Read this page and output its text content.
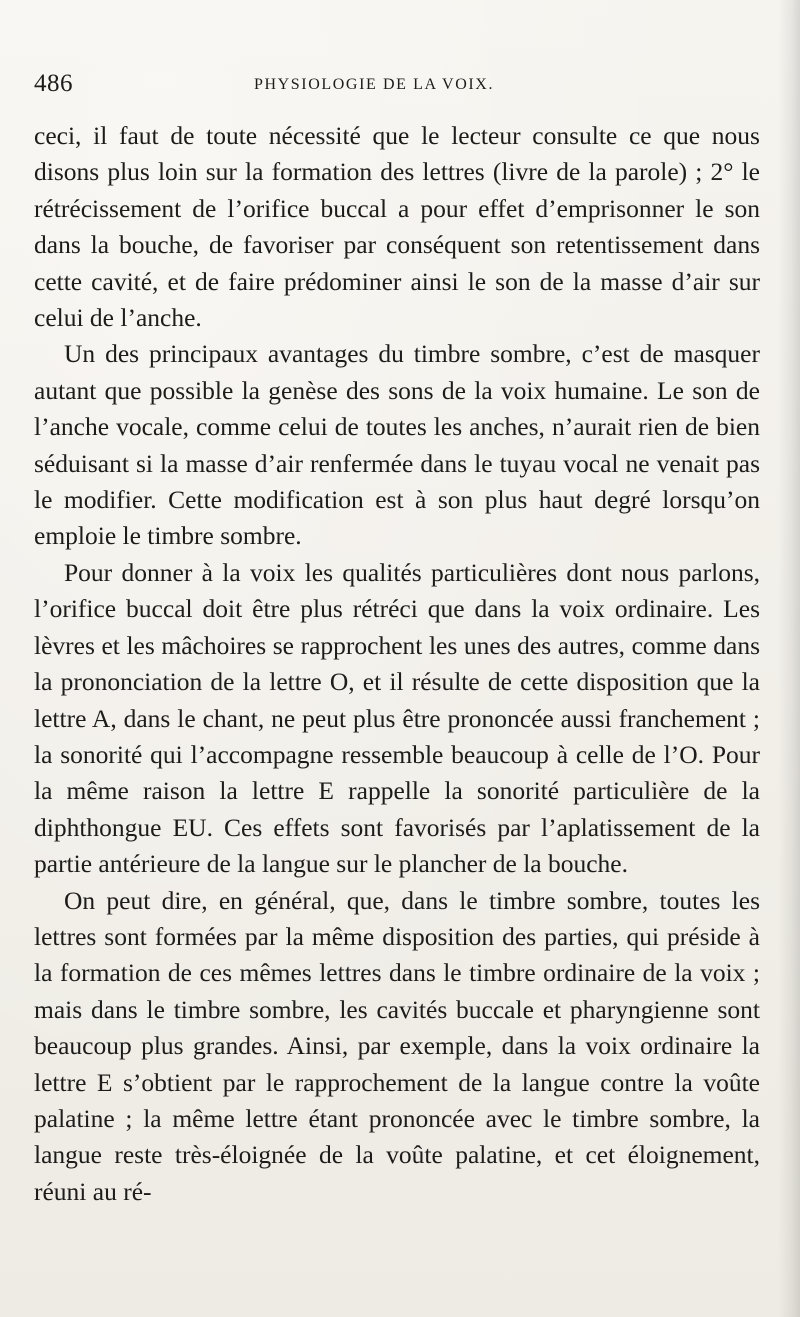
486	PHYSIOLOGIE DE LA VOIX.

ceci, il faut de toute nécessité que le lecteur consulte ce que nous disons plus loin sur la formation des lettres (livre de la parole) ; 2° le rétrécissement de l’orifice buccal a pour effet d’emprisonner le son dans la bouche, de favoriser par conséquent son retentissement dans cette cavité, et de faire prédominer ainsi le son de la masse d’air sur celui de l’anche.

Un des principaux avantages du timbre sombre, c’est de masquer autant que possible la genèse des sons de la voix humaine. Le son de l’anche vocale, comme celui de toutes les anches, n’aurait rien de bien séduisant si la masse d’air renfermée dans le tuyau vocal ne venait pas le modifier. Cette modification est à son plus haut degré lorsqu’on emploie le timbre sombre.

Pour donner à la voix les qualités particulières dont nous parlons, l’orifice buccal doit être plus rétréci que dans la voix ordinaire. Les lèvres et les mâchoires se rapprochent les unes des autres, comme dans la prononciation de la lettre O, et il résulte de cette disposition que la lettre A, dans le chant, ne peut plus être prononcée aussi franchement ; la sonorité qui l’accompagne ressemble beaucoup à celle de l’O. Pour la même raison la lettre E rappelle la sonorité particulière de la diphthongue EU. Ces effets sont favorisés par l’aplatissement de la partie antérieure de la langue sur le plancher de la bouche.

On peut dire, en général, que, dans le timbre sombre, toutes les lettres sont formées par la même disposition des parties, qui préside à la formation de ces mêmes lettres dans le timbre ordinaire de la voix ; mais dans le timbre sombre, les cavités buccale et pharyngienne sont beaucoup plus grandes. Ainsi, par exemple, dans la voix ordinaire la lettre E s’obtient par le rapprochement de la langue contre la voûte palatine ; la même lettre étant prononcée avec le timbre sombre, la langue reste très-éloignée de la voûte palatine, et cet éloignement, réuni au ré-
